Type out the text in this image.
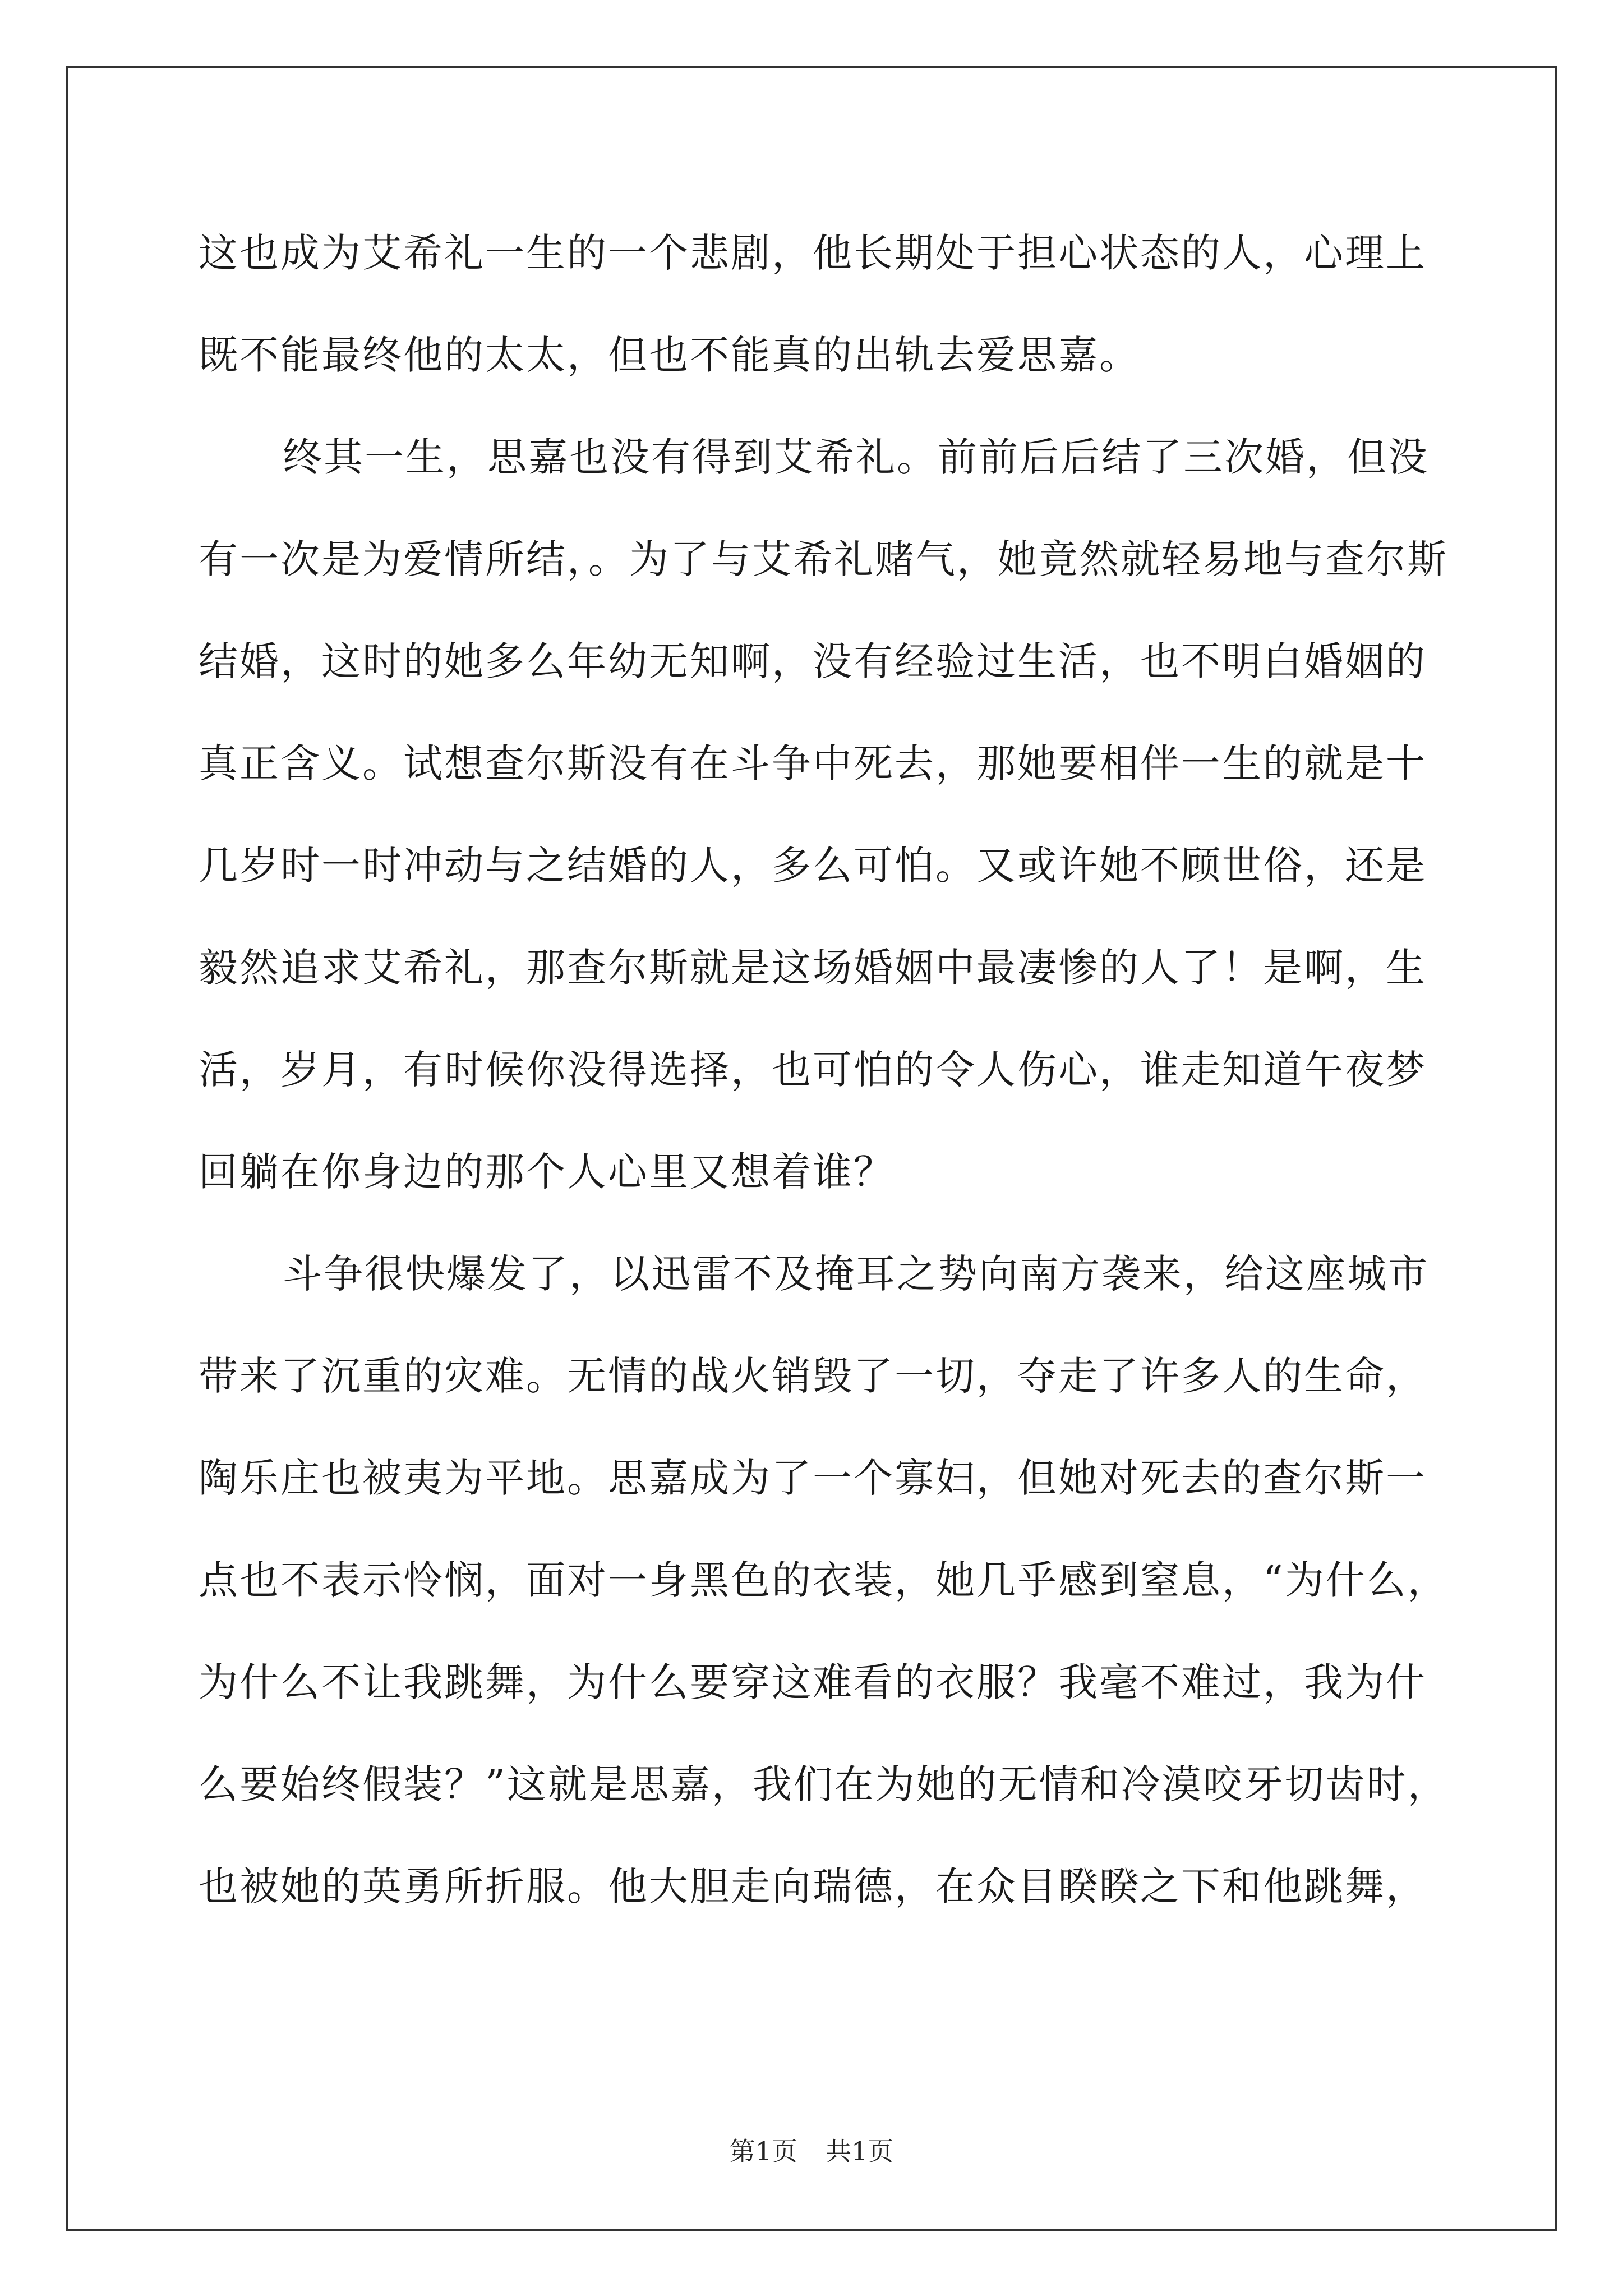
这也成为艾希礼一生的一个悲剧，他长期处于担心状态的人，心理上
既不能最终他的太太，但也不能真的出轨去爱思嘉。
终其一生，思嘉也没有得到艾希礼。前前后后结了三次婚，但没
有一次是为爱情所结，。为了与艾希礼赌气，她竟然就轻易地与查尔斯
结婚，这时的她多么年幼无知啊，没有经验过生活，也不明白婚姻的
真正含义。试想查尔斯没有在斗争中死去，那她要相伴一生的就是十
几岁时一时冲动与之结婚的人，多么可怕。又或许她不顾世俗，还是
毅然追求艾希礼，那查尔斯就是这场婚姻中最凄惨的人了！是啊，生
活，岁月，有时候你没得选择，也可怕的令人伤心，谁走知道午夜梦
回躺在你身边的那个人心里又想着谁？
斗争很快爆发了，以迅雷不及掩耳之势向南方袭来，给这座城市
带来了沉重的灾难。无情的战火销毁了一切，夺走了许多人的生命，
陶乐庄也被夷为平地。思嘉成为了一个寡妇，但她对死去的查尔斯一
点也不表示怜悯，面对一身黑色的衣装，她几乎感到窒息，“为什么，
为什么不让我跳舞，为什么要穿这难看的衣服？我毫不难过，我为什
么要始终假装？”这就是思嘉，我们在为她的无情和冷漠咬牙切齿时，
也被她的英勇所折服。他大胆走向瑞德，在众目睽睽之下和他跳舞，
第1页 共1页
